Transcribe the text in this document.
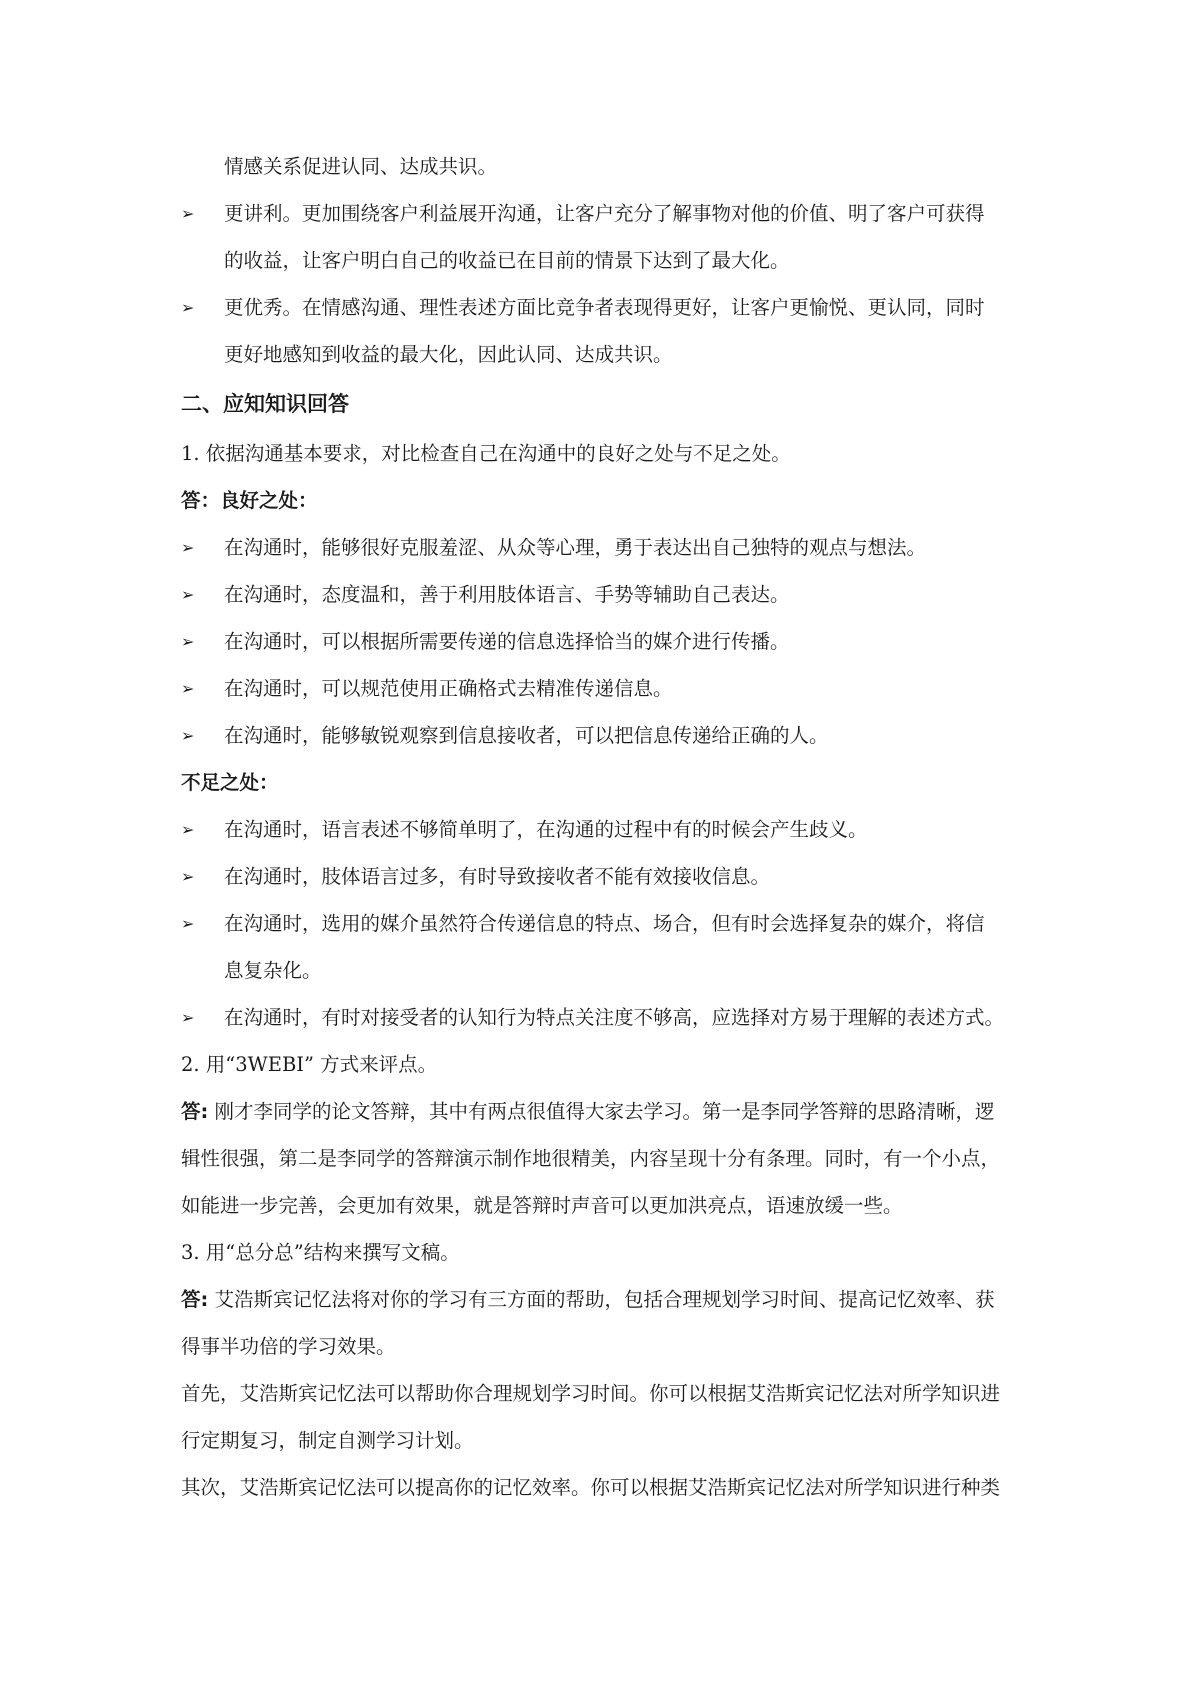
情感关系促进认同、达成共识。
➢	更讲利。更加围绕客户利益展开沟通，让客户充分了解事物对他的价值、明了客户可获得
的收益，让客户明白自己的收益已在目前的情景下达到了最大化。
➢	更优秀。在情感沟通、理性表述方面比竞争者表现得更好，让客户更愉悦、更认同，同时
更好地感知到收益的最大化，因此认同、达成共识。
二、应知知识回答
1. 依据沟通基本要求，对比检查自己在沟通中的良好之处与不足之处。
答：良好之处：
➢	在沟通时，能够很好克服羞涩、从众等心理，勇于表达出自己独特的观点与想法。
➢	在沟通时，态度温和，善于利用肢体语言、手势等辅助自己表达。
➢	在沟通时，可以根据所需要传递的信息选择恰当的媒介进行传播。
➢	在沟通时，可以规范使用正确格式去精准传递信息。
➢	在沟通时，能够敏锐观察到信息接收者，可以把信息传递给正确的人。
不足之处：
➢	在沟通时，语言表述不够简单明了，在沟通的过程中有的时候会产生歧义。
➢	在沟通时，肢体语言过多，有时导致接收者不能有效接收信息。
➢	在沟通时，选用的媒介虽然符合传递信息的特点、场合，但有时会选择复杂的媒介，将信
息复杂化。
➢	在沟通时，有时对接受者的认知行为特点关注度不够高，应选择对方易于理解的表述方式。
2. 用“3WEBI” 方式来评点。
答: 刚才李同学的论文答辩，其中有两点很值得大家去学习。第一是李同学答辩的思路清晰，逻
辑性很强，第二是李同学的答辩演示制作地很精美，内容呈现十分有条理。同时，有一个小点，
如能进一步完善，会更加有效果，就是答辩时声音可以更加洪亮点，语速放缓一些。
3. 用“总分总”结构来撰写文稿。
答: 艾浩斯宾记忆法将对你的学习有三方面的帮助，包括合理规划学习时间、提高记忆效率、获
得事半功倍的学习效果。
首先，艾浩斯宾记忆法可以帮助你合理规划学习时间。你可以根据艾浩斯宾记忆法对所学知识进
行定期复习，制定自测学习计划。
其次，艾浩斯宾记忆法可以提高你的记忆效率。你可以根据艾浩斯宾记忆法对所学知识进行种类
